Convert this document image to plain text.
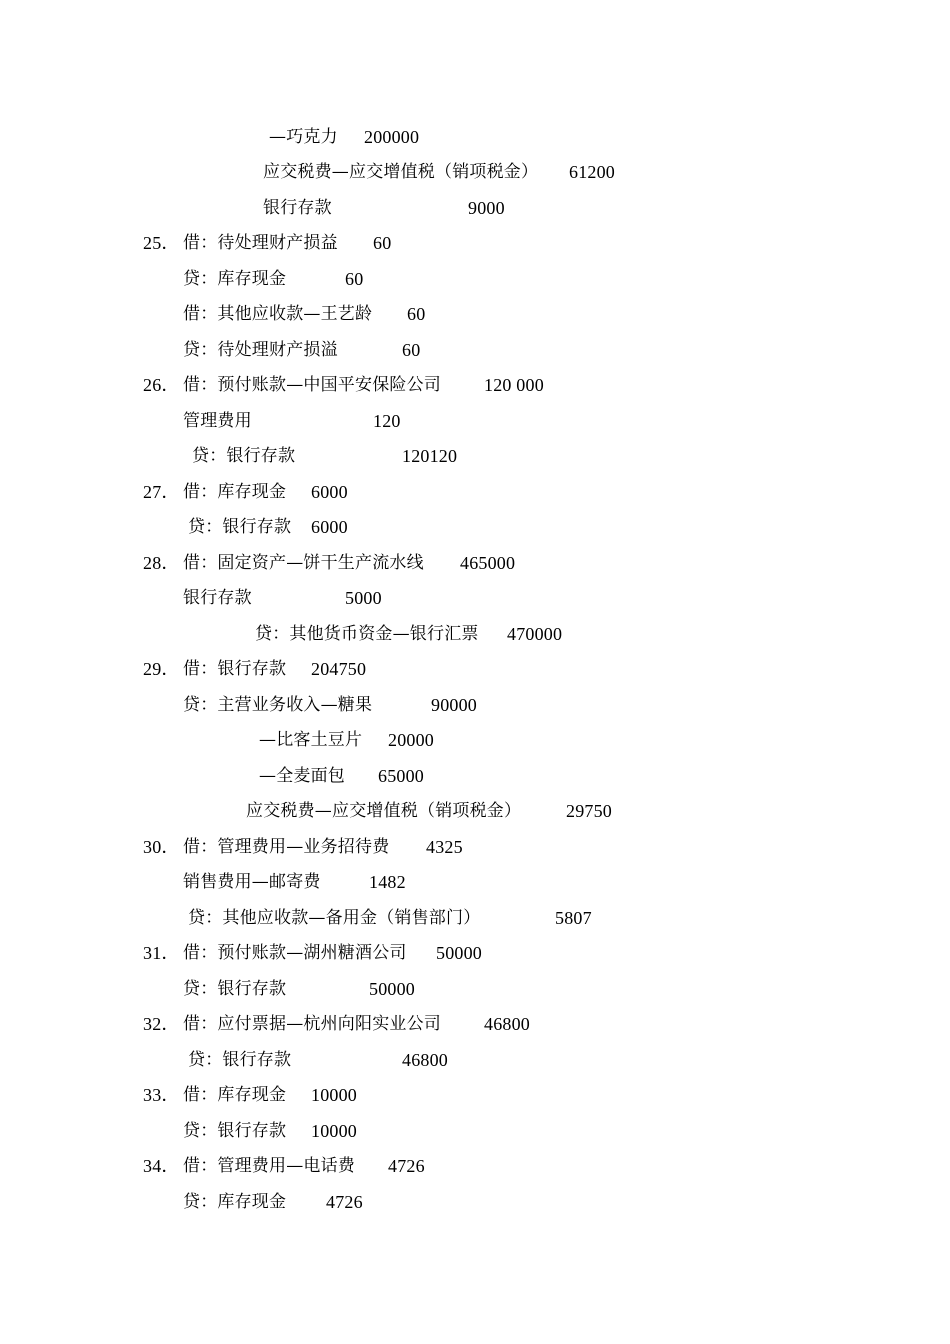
—巧克力 200000
应交税费—应交增值税（销项税金） 61200
银行存款	9000
25． 借：待处理财产损益 60
贷：库存现金	60
借：其他应收款—王艺龄 60
贷：待处理财产损溢	60
26． 借：预付账款—中国平安保险公司 120 000
管理费用	120
贷：银行存款	120120
27． 借：库存现金 6000
贷：银行存款 6000
28． 借：固定资产—饼干生产流水线 465000
银行存款	5000
贷：其他货币资金—银行汇票 470000
29． 借：银行存款 204750
贷：主营业务收入—糖果	90000
—比客土豆片 20000
—全麦面包 65000
应交税费—应交增值税（销项税金） 29750
30． 借：管理费用—业务招待费 4325
销售费用—邮寄费	1482
贷：其他应收款—备用金（销售部门）	5807
31． 借：预付账款—湖州糖酒公司 50000
贷：银行存款	50000
32． 借：应付票据—杭州向阳实业公司 46800
贷：银行存款	46800
33． 借：库存现金 10000
贷：银行存款 10000
34． 借：管理费用—电话费 4726
贷：库存现金 4726
